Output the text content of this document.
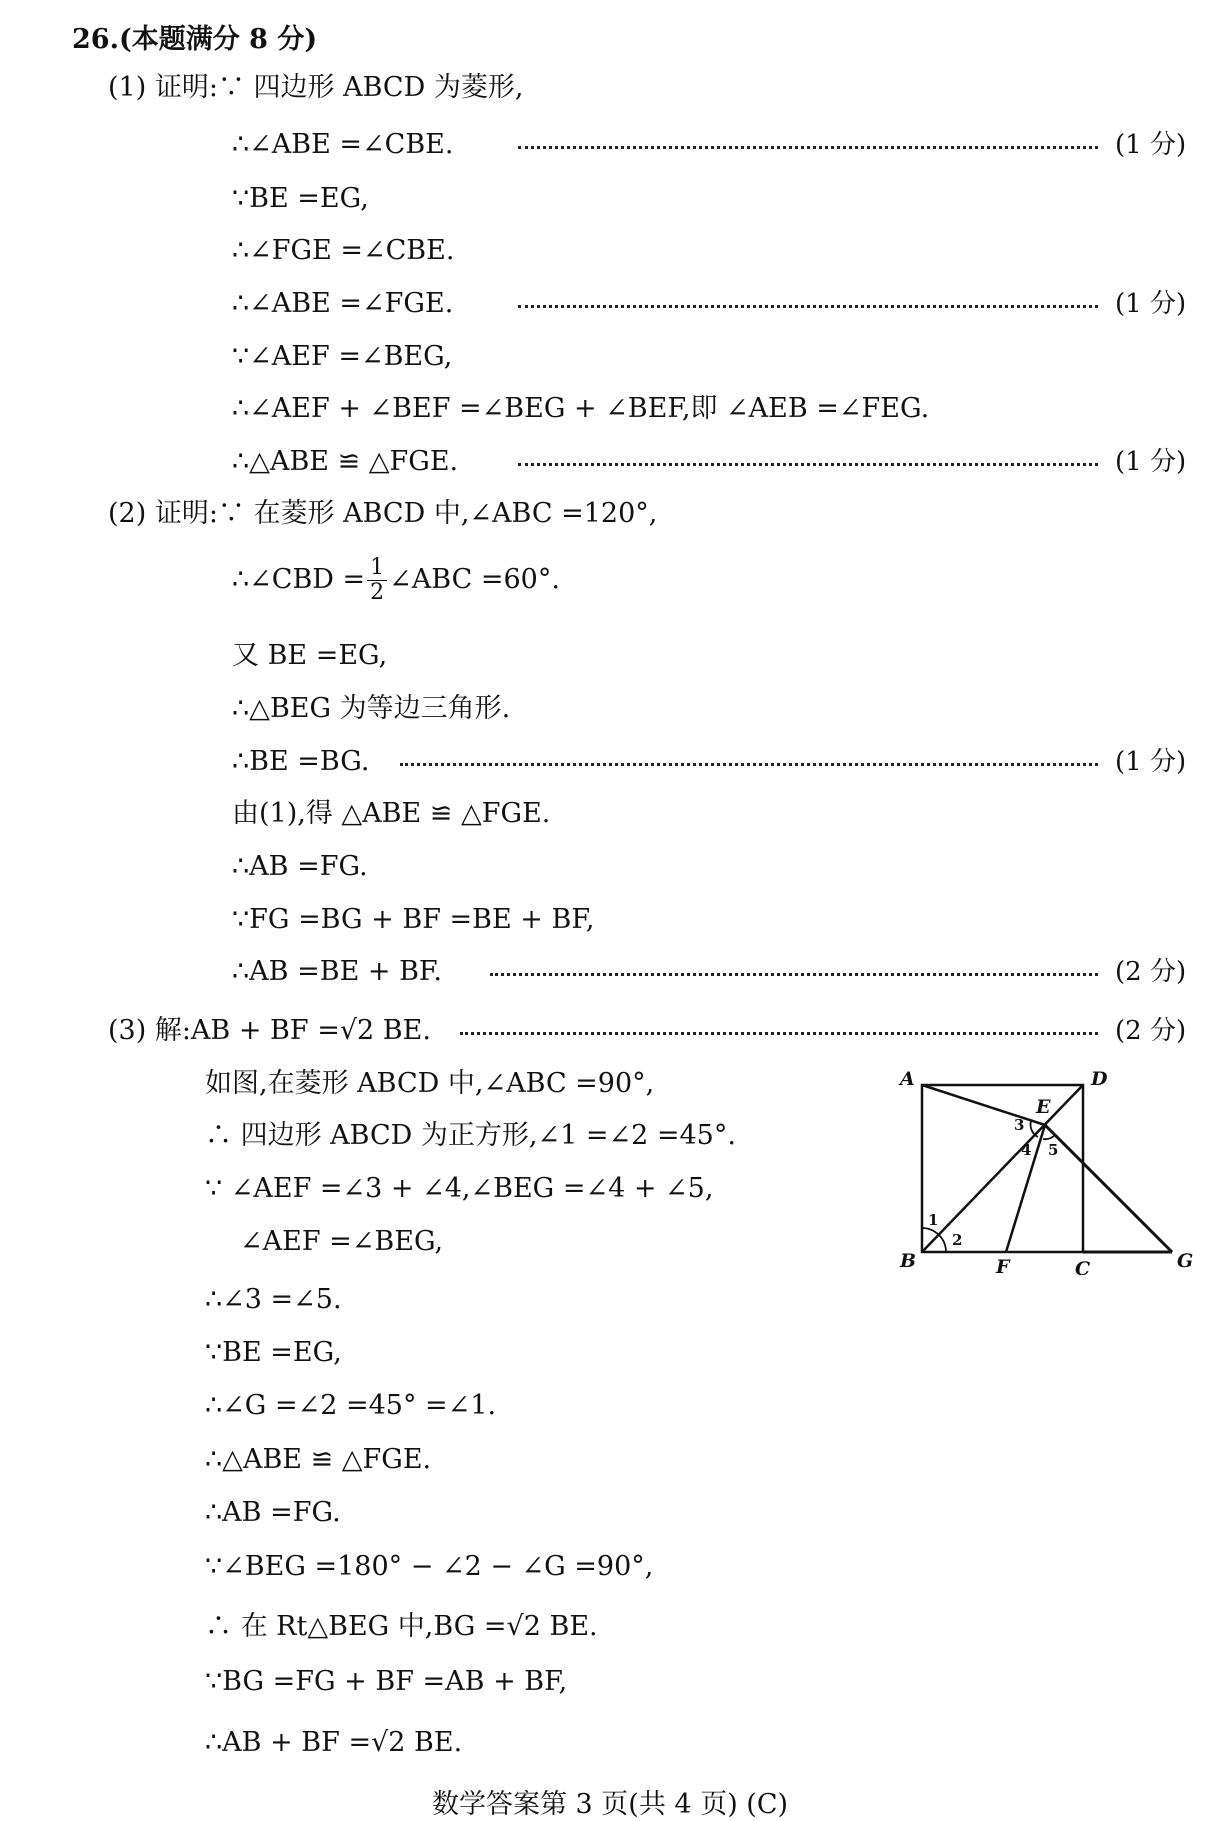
26.(本题满分 8 分)
(1) 证明:∵ 四边形 ABCD 为菱形,
∴∠ABE =∠CBE.	(1 分)
∵BE =EG,
∴∠FGE =∠CBE.
∴∠ABE =∠FGE.	(1 分)
∵∠AEF =∠BEG,
∴∠AEF + ∠BEF =∠BEG + ∠BEF,即 ∠AEB =∠FEG.
∴△ABE ≌ △FGE.	(1 分)
(2) 证明:∵ 在菱形 ABCD 中,∠ABC =120°,
∴∠CBD = $\frac{1}{2}$ ∠ABC =60°.
又 BE =EG,
∴△BEG 为等边三角形.
∴BE =BG.	(1 分)
由(1),得 △ABE ≌ △FGE.
∴AB =FG.
∵FG =BG + BF =BE + BF,
∴AB =BE + BF.	(2 分)
(3) 解:AB + BF =√2 BE.	(2 分)
如图,在菱形 ABCD 中,∠ABC =90°,
∴ 四边形 ABCD 为正方形,∠1 =∠2 =45°.
∵ ∠AEF =∠3 + ∠4,∠BEG =∠4 + ∠5,
∠AEF =∠BEG,
∴∠3 =∠5.
∵BE =EG,
∴∠G =∠2 =45° =∠1.
∴△ABE ≌ △FGE.
∴AB =FG.
∵∠BEG =180° − ∠2 − ∠G =90°,
∴ 在 Rt△BEG 中,BG =√2 BE.
∵BG =FG + BF =AB + BF,
∴AB + BF =√2 BE.
A	D
E
B	F	C	G
1
2
3
4 5
数学答案第 3 页(共 4 页) (C)
